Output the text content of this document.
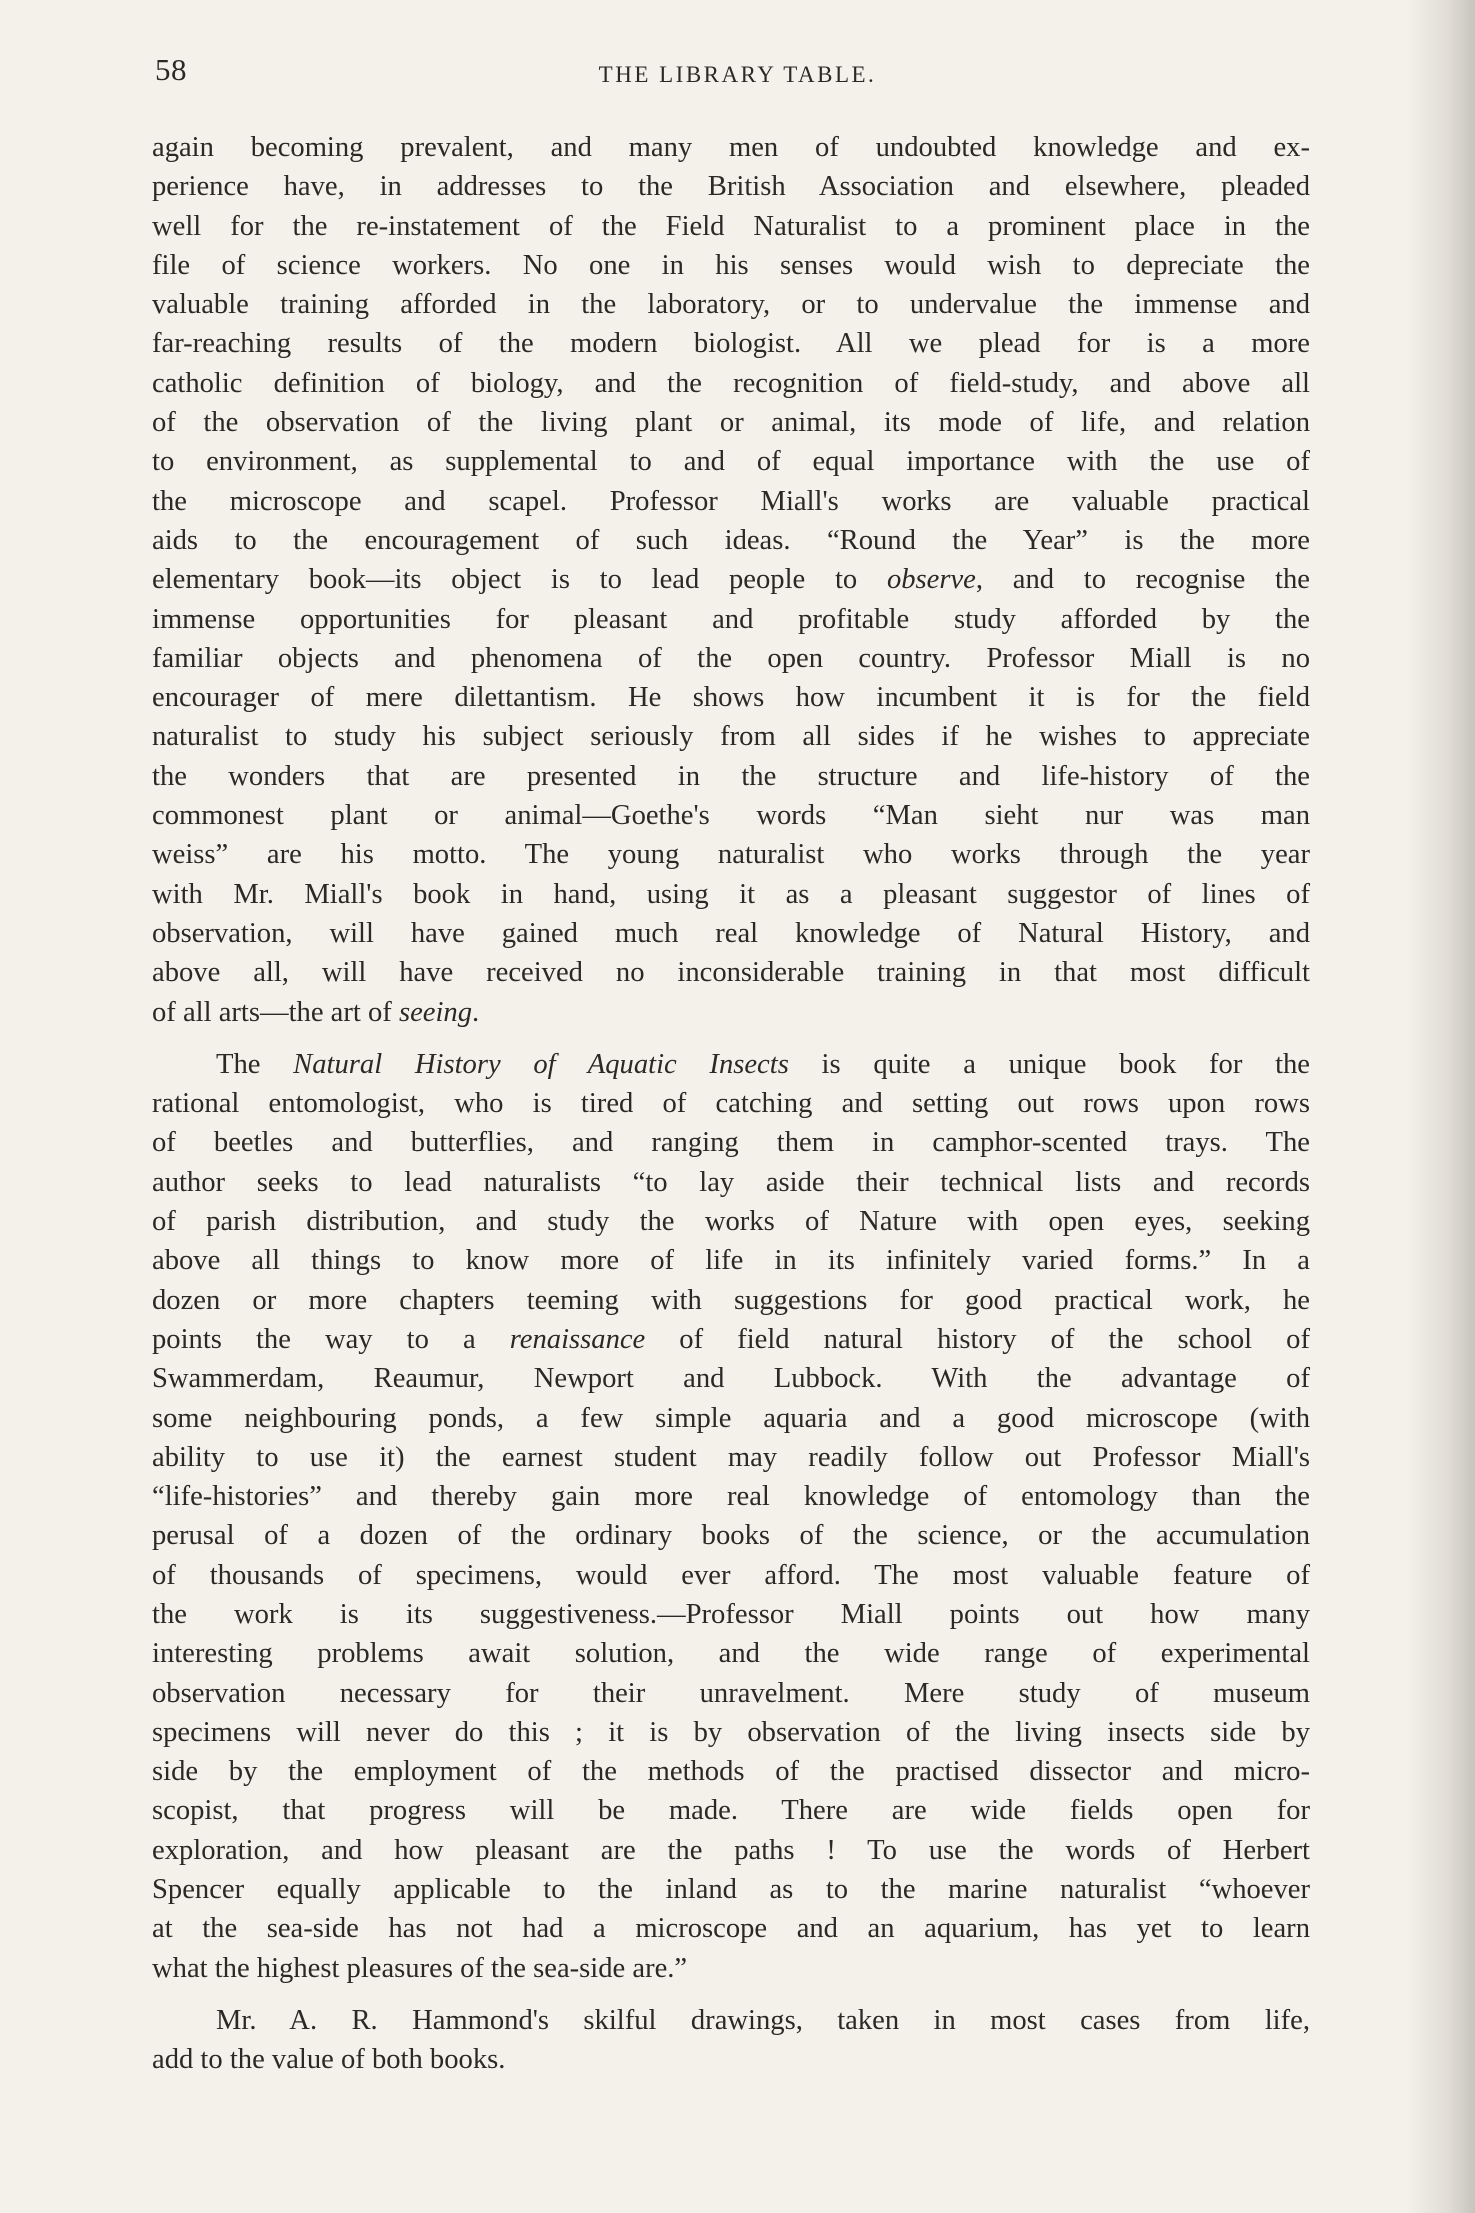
58	THE LIBRARY TABLE.

again becoming prevalent, and many men of undoubted knowledge and ex-

perience have, in addresses to the British Association and elsewhere, pleaded

well for the re-instatement of the Field Naturalist to a prominent place in the

file of science workers. No one in his senses would wish to depreciate the

valuable training afforded in the laboratory, or to undervalue the immense and

far-reaching results of the modern biologist. All we plead for is a more

catholic definition of biology, and the recognition of field-study, and above all

of the observation of the living plant or animal, its mode of life, and relation

to environment, as supplemental to and of equal importance with the use of

the microscope and scapel. Professor Miall's works are valuable practical

aids to the encouragement of such ideas. “Round the Year” is the more

elementary book—its object is to lead people to observe, and to recognise the

immense opportunities for pleasant and profitable study afforded by the

familiar objects and phenomena of the open country. Professor Miall is no

encourager of mere dilettantism. He shows how incumbent it is for the field

naturalist to study his subject seriously from all sides if he wishes to appreciate

the wonders that are presented in the structure and life-history of the

commonest plant or animal—Goethe's words “Man sieht nur was man

weiss” are his motto. The young naturalist who works through the year

with Mr. Miall's book in hand, using it as a pleasant suggestor of lines of

observation, will have gained much real knowledge of Natural History, and

above all, will have received no inconsiderable training in that most difficult

of all arts—the art of seeing.

The Natural History of Aquatic Insects is quite a unique book for the

rational entomologist, who is tired of catching and setting out rows upon rows

of beetles and butterflies, and ranging them in camphor-scented trays. The

author seeks to lead naturalists “to lay aside their technical lists and records

of parish distribution, and study the works of Nature with open eyes, seeking

above all things to know more of life in its infinitely varied forms.” In a

dozen or more chapters teeming with suggestions for good practical work, he

points the way to a renaissance of field natural history of the school of

Swammerdam, Reaumur, Newport and Lubbock. With the advantage of

some neighbouring ponds, a few simple aquaria and a good microscope (with

ability to use it) the earnest student may readily follow out Professor Miall's

“life-histories” and thereby gain more real knowledge of entomology than the

perusal of a dozen of the ordinary books of the science, or the accumulation

of thousands of specimens, would ever afford. The most valuable feature of

the work is its suggestiveness.—Professor Miall points out how many

interesting problems await solution, and the wide range of experimental

observation necessary for their unravelment. Mere study of museum

specimens will never do this ; it is by observation of the living insects side by

side by the employment of the methods of the practised dissector and micro-

scopist, that progress will be made. There are wide fields open for

exploration, and how pleasant are the paths ! To use the words of Herbert

Spencer equally applicable to the inland as to the marine naturalist “whoever

at the sea-side has not had a microscope and an aquarium, has yet to learn

what the highest pleasures of the sea-side are.”

Mr. A. R. Hammond's skilful drawings, taken in most cases from life,

add to the value of both books.
